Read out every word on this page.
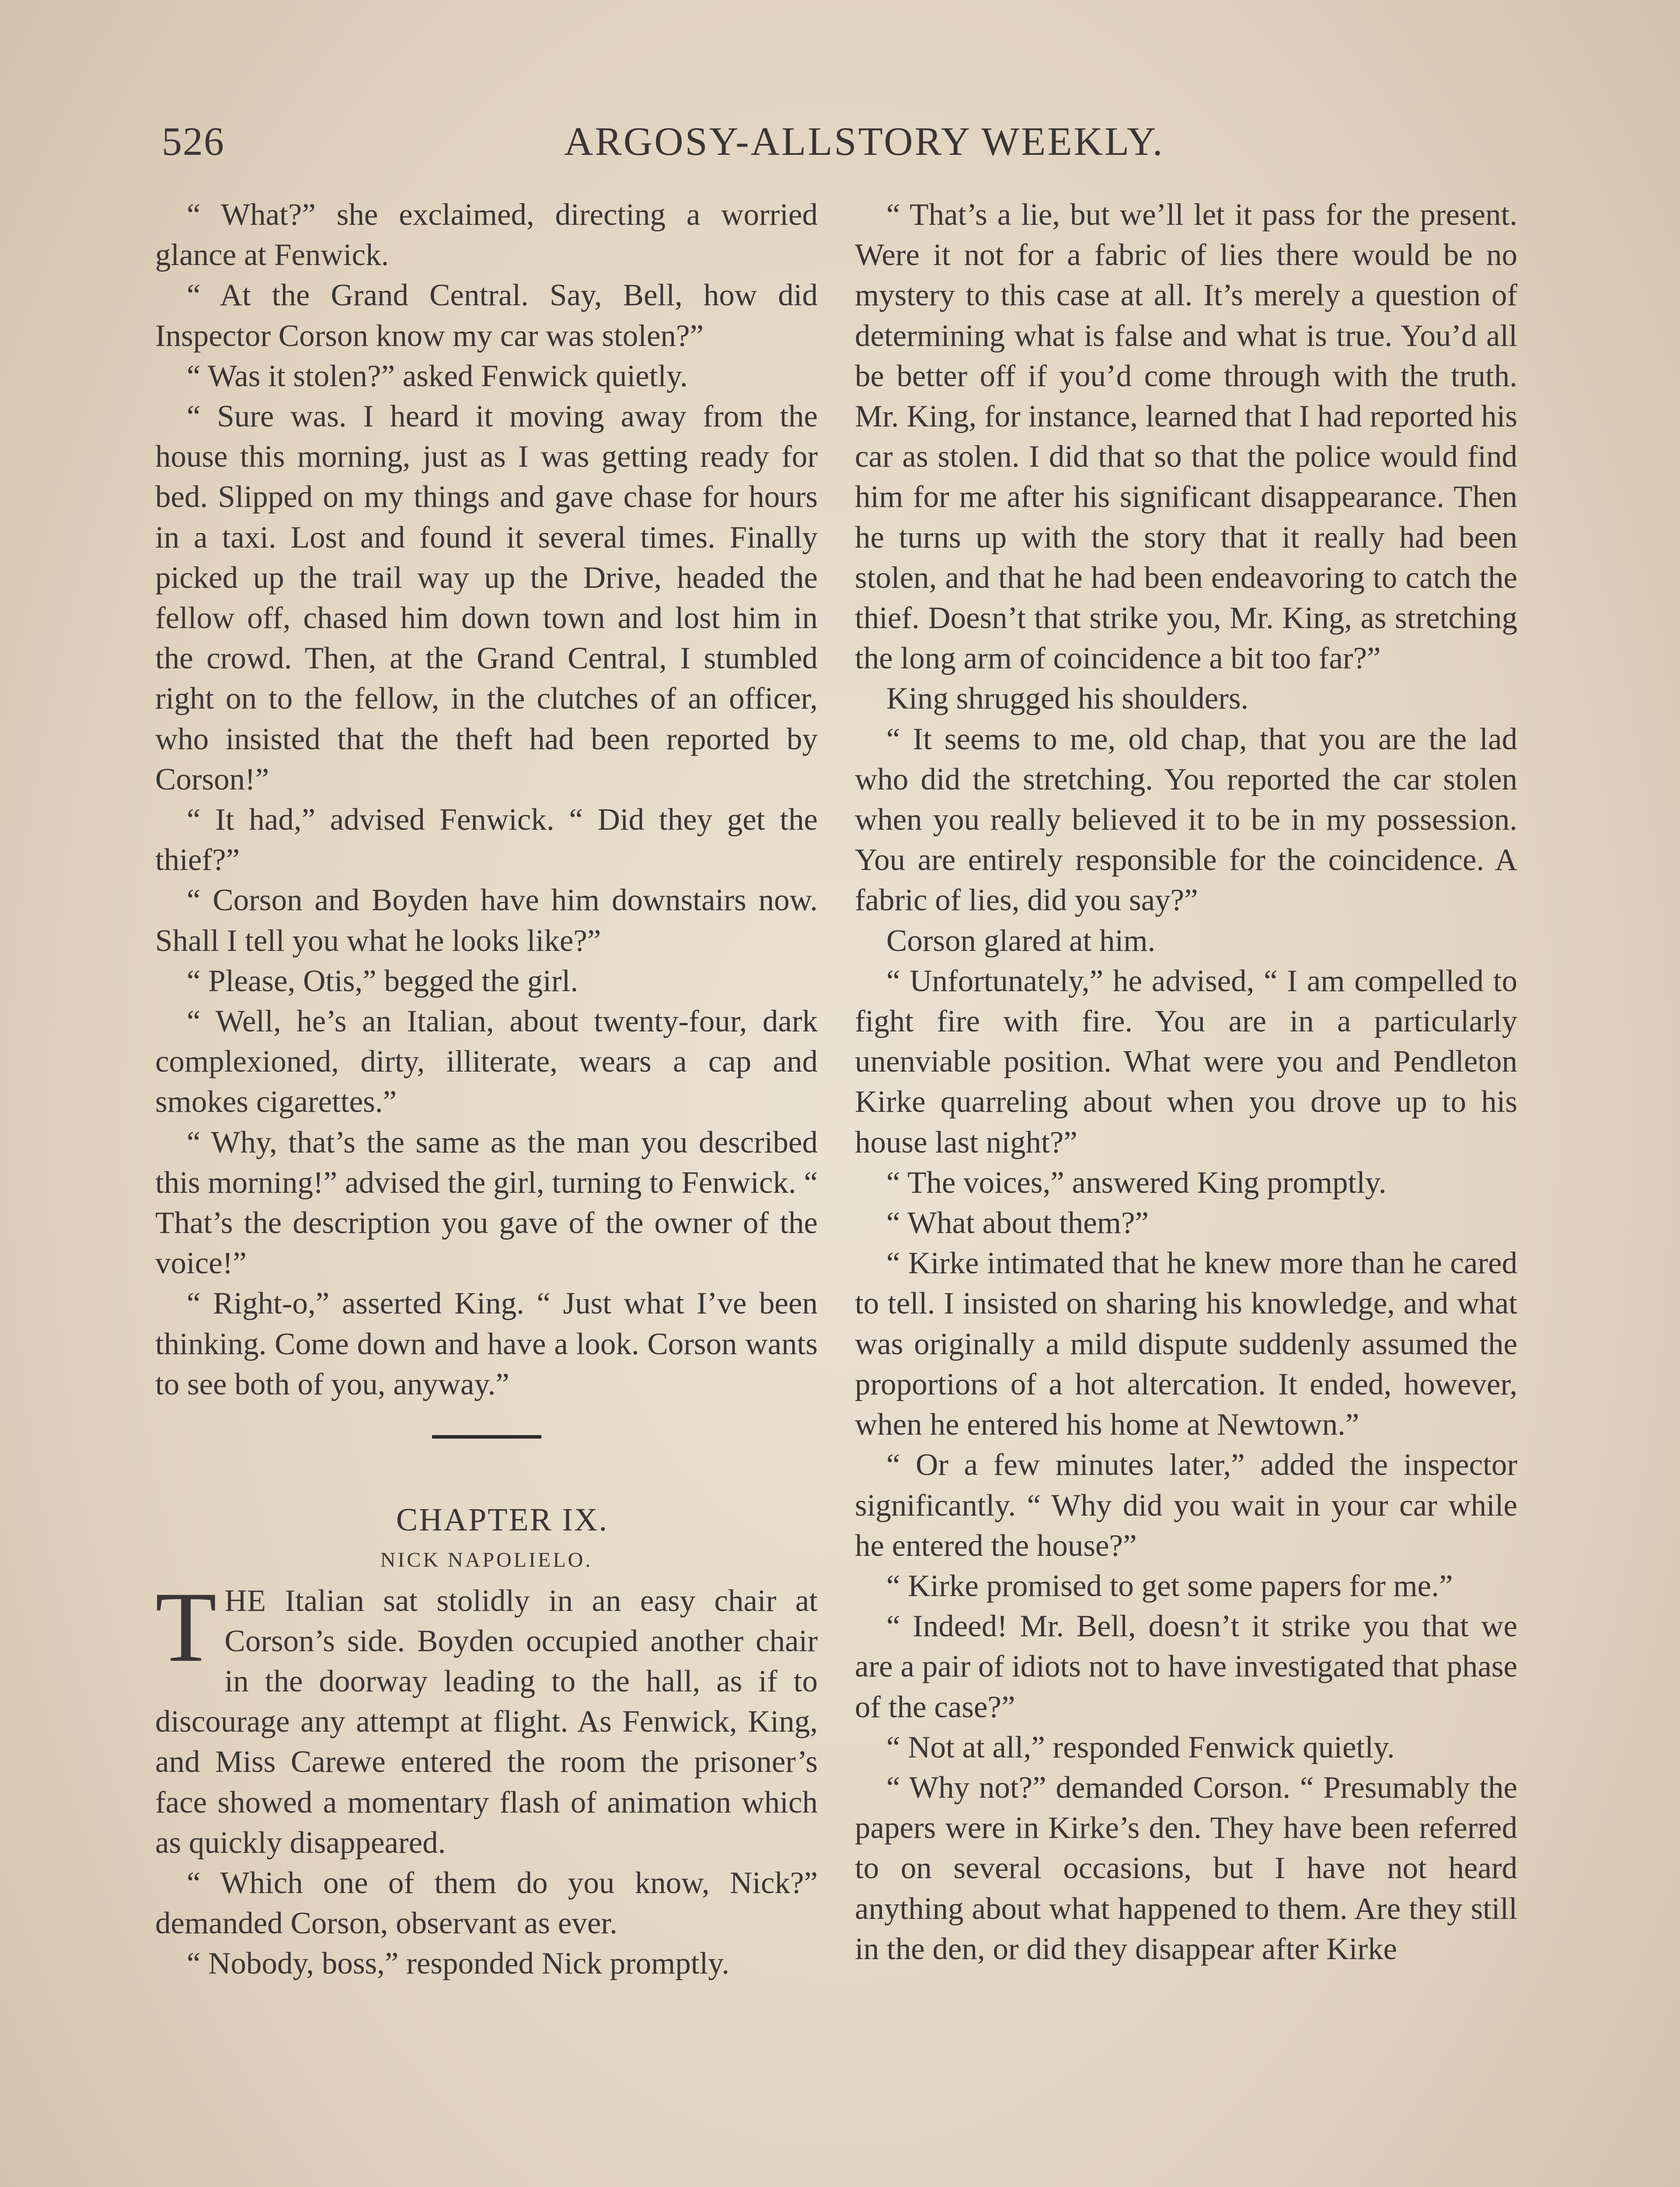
526	ARGOSY-ALLSTORY WEEKLY.

“ What?” she exclaimed, directing a worried glance at Fenwick.

“ At the Grand Central. Say, Bell, how did Inspector Corson know my car was stolen?”

“ Was it stolen?” asked Fenwick quietly.

“ Sure was. I heard it moving away from the house this morning, just as I was getting ready for bed. Slipped on my things and gave chase for hours in a taxi. Lost and found it several times. Finally picked up the trail way up the Drive, headed the fellow off, chased him down town and lost him in the crowd. Then, at the Grand Central, I stumbled right on to the fellow, in the clutches of an officer, who insisted that the theft had been reported by Corson!”

“ It had,” advised Fenwick. “ Did they get the thief?”

“ Corson and Boyden have him downstairs now. Shall I tell you what he looks like?”

“ Please, Otis,” begged the girl.

“ Well, he’s an Italian, about twenty-four, dark complexioned, dirty, illiterate, wears a cap and smokes cigarettes.”

“ Why, that’s the same as the man you described this morning!” advised the girl, turning to Fenwick. “ That’s the description you gave of the owner of the voice!”

“ Right-o,” asserted King. “ Just what I’ve been thinking. Come down and have a look. Corson wants to see both of you, anyway.”

CHAPTER IX.

NICK NAPOLIELO.

THE Italian sat stolidly in an easy chair at Corson’s side. Boyden occupied another chair in the doorway leading to the hall, as if to discourage any attempt at flight. As Fenwick, King, and Miss Carewe entered the room the prisoner’s face showed a momentary flash of animation which as quickly disappeared.

“ Which one of them do you know, Nick?” demanded Corson, observant as ever.

“ Nobody, boss,” responded Nick promptly.

“ That’s a lie, but we’ll let it pass for the present. Were it not for a fabric of lies there would be no mystery to this case at all. It’s merely a question of determining what is false and what is true. You’d all be better off if you’d come through with the truth. Mr. King, for instance, learned that I had reported his car as stolen. I did that so that the police would find him for me after his significant disappearance. Then he turns up with the story that it really had been stolen, and that he had been endeavoring to catch the thief. Doesn’t that strike you, Mr. King, as stretching the long arm of coincidence a bit too far?”

King shrugged his shoulders.

“ It seems to me, old chap, that you are the lad who did the stretching. You reported the car stolen when you really believed it to be in my possession. You are entirely responsible for the coincidence. A fabric of lies, did you say?”

Corson glared at him.

“ Unfortunately,” he advised, “ I am compelled to fight fire with fire. You are in a particularly unenviable position. What were you and Pendleton Kirke quarreling about when you drove up to his house last night?”

“ The voices,” answered King promptly.

“ What about them?”

“ Kirke intimated that he knew more than he cared to tell. I insisted on sharing his knowledge, and what was originally a mild dispute suddenly assumed the proportions of a hot altercation. It ended, however, when he entered his home at Newtown.”

“ Or a few minutes later,” added the inspector significantly. “ Why did you wait in your car while he entered the house?”

“ Kirke promised to get some papers for me.”

“ Indeed! Mr. Bell, doesn’t it strike you that we are a pair of idiots not to have investigated that phase of the case?”

“ Not at all,” responded Fenwick quietly.

“ Why not?” demanded Corson. “ Presumably the papers were in Kirke’s den. They have been referred to on several occasions, but I have not heard anything about what happened to them. Are they still in the den, or did they disappear after Kirke
